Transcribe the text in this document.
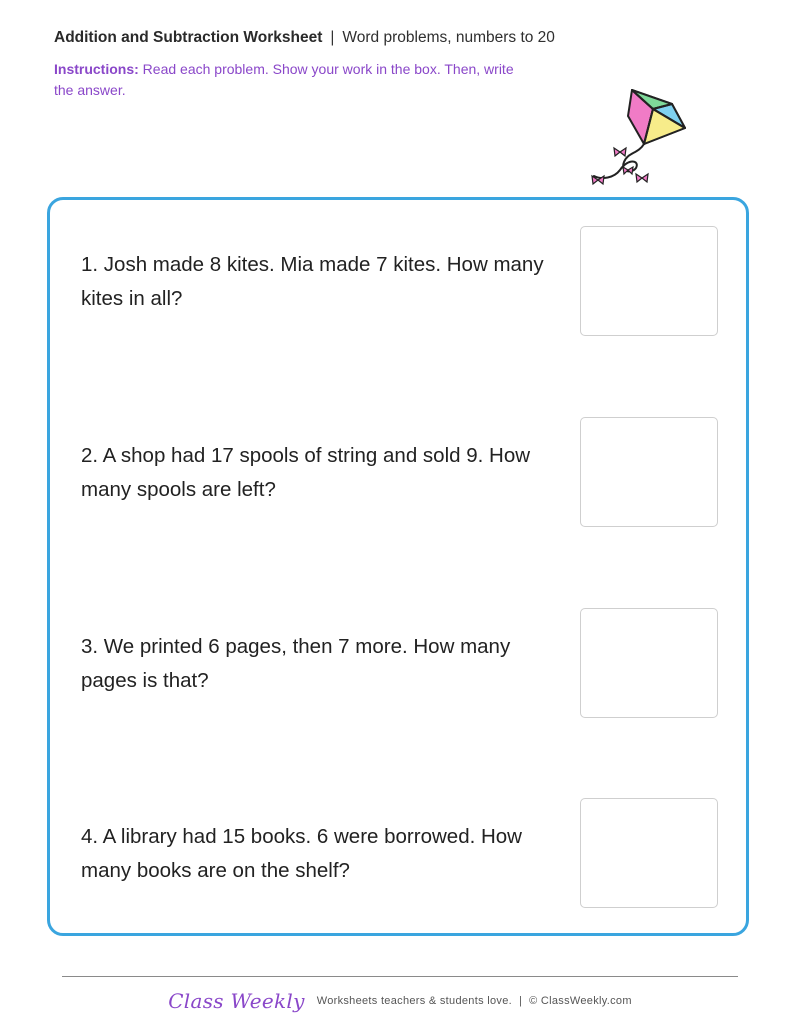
Addition and Subtraction Worksheet | Word problems, numbers to 20
Instructions: Read each problem. Show your work in the box. Then, write the answer.
1. Josh made 8 kites. Mia made 7 kites. How many kites in all?
2. A shop had 17 spools of string and sold 9. How many spools are left?
3. We printed 6 pages, then 7 more. How many pages is that?
4. A library had 15 books. 6 were borrowed. How many books are on the shelf?
Class Weekly Worksheets teachers & students love. | © ClassWeekly.com
